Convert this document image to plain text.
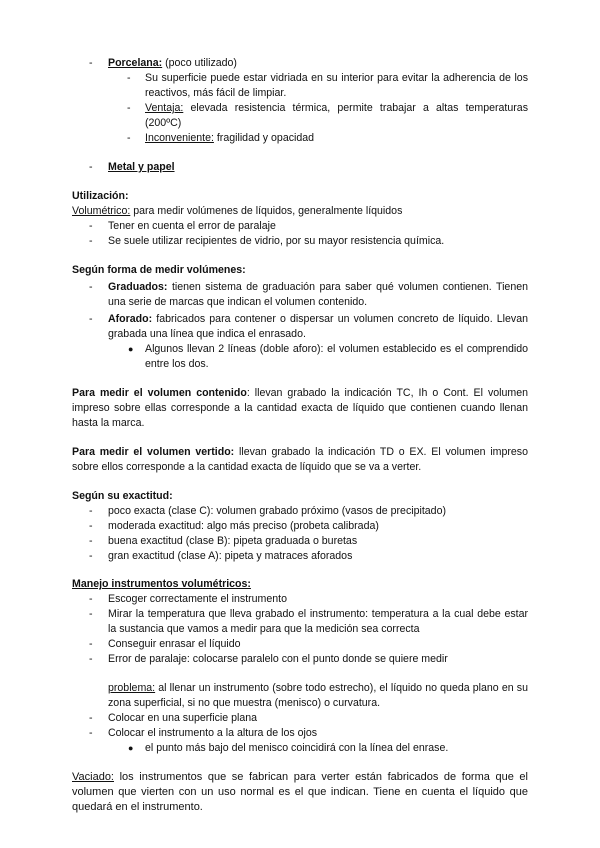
-	Porcelana: (poco utilizado)
-	Su superficie puede estar vidriada en su interior para evitar la adherencia de los reactivos, más fácil de limpiar.
-	Ventaja: elevada resistencia térmica, permite trabajar a altas temperaturas (200ºC)
-	Inconveniente: fragilidad y opacidad
-	Metal y papel
Utilización:
Volumétrico: para medir volúmenes de líquidos, generalmente líquidos
-	Tener en cuenta el error de paralaje
-	Se suele utilizar recipientes de vidrio, por su mayor resistencia química.
Según forma de medir volúmenes:
-	Graduados: tienen sistema de graduación para saber qué volumen contienen. Tienen una serie de marcas que indican el volumen contenido.
-	Aforado: fabricados para contener o dispersar un volumen concreto de líquido. Llevan grabada una línea que indica el enrasado.
● Algunos llevan 2 líneas (doble aforo): el volumen establecido es el comprendido entre los dos.
Para medir el volumen contenido: llevan grabado la indicación TC, Ih o Cont. El volumen impreso sobre ellas corresponde a la cantidad exacta de líquido que contienen cuando llenan hasta la marca.
Para medir el volumen vertido: llevan grabado la indicación TD o EX. El volumen impreso sobre ellos corresponde a la cantidad exacta de líquido que se va a verter.
Según su exactitud:
-	poco exacta (clase C): volumen grabado próximo (vasos de precipitado)
-	moderada exactitud: algo más preciso (probeta calibrada)
-	buena exactitud (clase B): pipeta graduada o buretas
-	gran exactitud (clase A): pipeta y matraces aforados
Manejo instrumentos volumétricos:
-	Escoger correctamente el instrumento
-	Mirar la temperatura que lleva grabado el instrumento: temperatura a la cual debe estar la sustancia que vamos a medir para que la medición sea correcta
-	Conseguir enrasar el líquido
-	Error de paralaje: colocarse paralelo con el punto donde se quiere medir
problema: al llenar un instrumento (sobre todo estrecho), el líquido no queda plano en su zona superficial, si no que muestra (menisco) o curvatura.
-	Colocar en una superficie plana
-	Colocar el instrumento a la altura de los ojos
● el punto más bajo del menisco coincidirá con la línea del enrase.
Vaciado: los instrumentos que se fabrican para verter están fabricados de forma que el volumen que vierten con un uso normal es el que indican. Tiene en cuenta el líquido que quedará en el instrumento.
